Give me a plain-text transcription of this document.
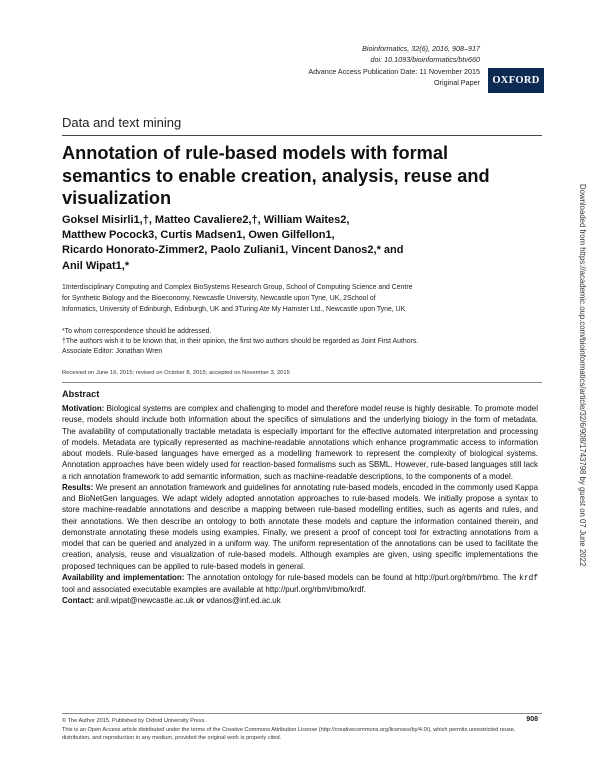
Bioinformatics, 32(6), 2016, 908–917
doi: 10.1093/bioinformatics/btv660
Advance Access Publication Date: 11 November 2015
Original Paper	OXFORD
Data and text mining
Annotation of rule-based models with formal semantics to enable creation, analysis, reuse and visualization
Goksel Misirli1,†, Matteo Cavaliere2,†, William Waites2,
Matthew Pocock3, Curtis Madsen1, Owen Gilfellon1,
Ricardo Honorato-Zimmer2, Paolo Zuliani1, Vincent Danos2,* and
Anil Wipat1,*
1Interdisciplinary Computing and Complex BioSystems Research Group, School of Computing Science and Centre
for Synthetic Biology and the Bioeconomy, Newcastle University, Newcastle upon Tyne, UK, 2School of
Informatics, University of Edinburgh, Edinburgh, UK and 3Turing Ate My Hamster Ltd., Newcastle upon Tyne, UK
*To whom correspondence should be addressed.
†The authors wish it to be known that, in their opinion, the first two authors should be regarded as Joint First Authors.
Associate Editor: Jonathan Wren
Received on June 16, 2015; revised on October 8, 2015; accepted on November 3, 2015
Abstract

Motivation: Biological systems are complex and challenging to model and therefore model reuse is highly desirable. To promote model reuse, models should include both information about the specifics of simulations and the underlying biology in the form of metadata. The availability of computationally tractable metadata is especially important for the effective automated interpretation and processing of models. Metadata are typically represented as machine-readable annotations which enhance programmatic access to information about models. Rule-based languages have emerged as a modelling framework to represent the complexity of biological systems. Annotation approaches have been widely used for reaction-based formalisms such as SBML. However, rule-based languages still lack a rich annotation framework to add semantic information, such as machine-readable descriptions, to the components of a model.

Results: We present an annotation framework and guidelines for annotating rule-based models, encoded in the commonly used Kappa and BioNetGen languages. We adapt widely adopted annotation approaches to rule-based models. We initially propose a syntax to store machine-readable annotations and describe a mapping between rule-based modelling entities, such as agents and rules, and their annotations. We then describe an ontology to both annotate these models and capture the information contained therein, and demonstrate annotating these models using examples. Finally, we present a proof of concept tool for extracting annotations from a model that can be queried and analyzed in a uniform way. The uniform representation of the annotations can be used to facilitate the creation, analysis, reuse and visualization of rule-based models. Although examples are given, using specific implementations the proposed techniques can be applied to rule-based models in general.

Availability and implementation: The annotation ontology for rule-based models can be found at http://purl.org/rbm/rbmo. The krdf tool and associated executable examples are available at http://purl.org/rbm/rbmo/krdf.

Contact: anil.wipat@newcastle.ac.uk or vdanos@inf.ed.ac.uk

908
© The Author 2015. Published by Oxford University Press.
This is an Open Access article distributed under the terms of the Creative Commons Attribution License (http://creativecommons.org/licenses/by/4.0/), which permits unrestricted reuse, distribution, and reproduction in any medium, provided the original work is properly cited.
Downloaded from https://academic.oup.com/bioinformatics/article/32/6/908/1743798 by guest on 07 June 2022
